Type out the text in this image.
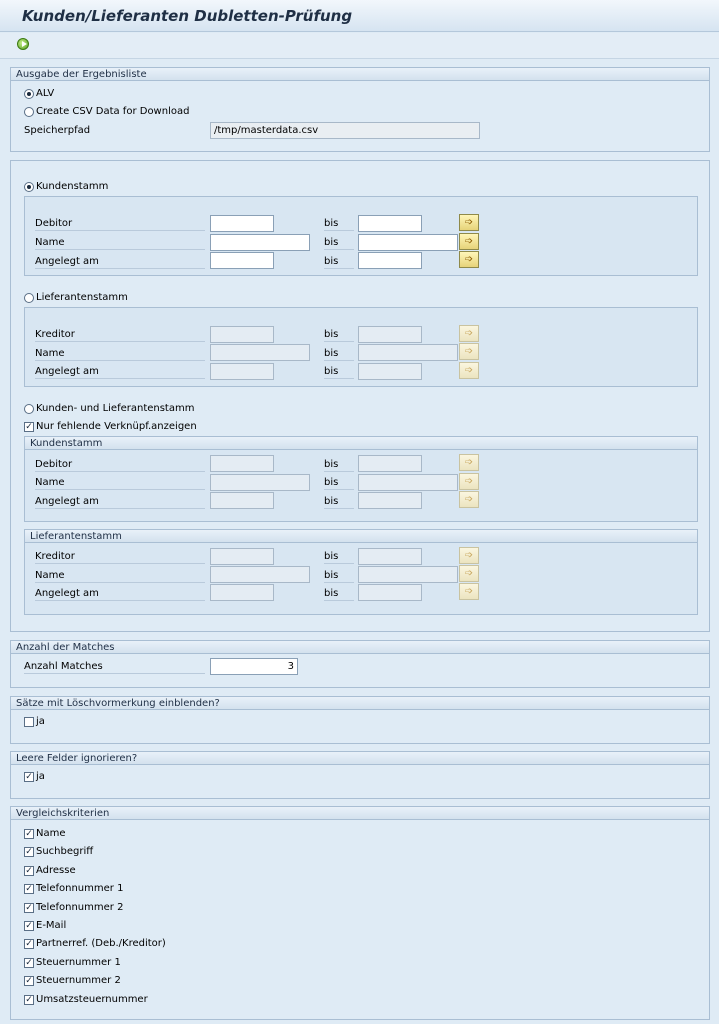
Kunden/Lieferanten Dubletten-Prüfung
Ausgabe der Ergebnisliste
ALV
Create CSV Data for Download
Speicherpfad	/tmp/masterdata.csv
Kundenstamm
Debitor	bis	➩
Name	bis	➩
Angelegt am	bis	➩
Lieferantenstamm
Kreditor	bis	➩
Name	bis	➩
Angelegt am	bis	➩
Kunden- und Lieferantenstamm
✓ Nur fehlende Verknüpf.anzeigen
Kundenstamm
Debitor	bis	➩
Name	bis	➩
Angelegt am	bis	➩
Lieferantenstamm
Kreditor	bis	➩
Name	bis	➩
Angelegt am	bis	➩
Anzahl der Matches
Anzahl Matches	3
Sätze mit Löschvormerkung einblenden?
ja
Leere Felder ignorieren?
✓ ja
Vergleichskriterien
✓ Name
✓ Suchbegriff
✓ Adresse
✓ Telefonnummer 1
✓ Telefonnummer 2
✓ E-Mail
✓ Partnerref. (Deb./Kreditor)
✓ Steuernummer 1
✓ Steuernummer 2
✓ Umsatzsteuernummer
